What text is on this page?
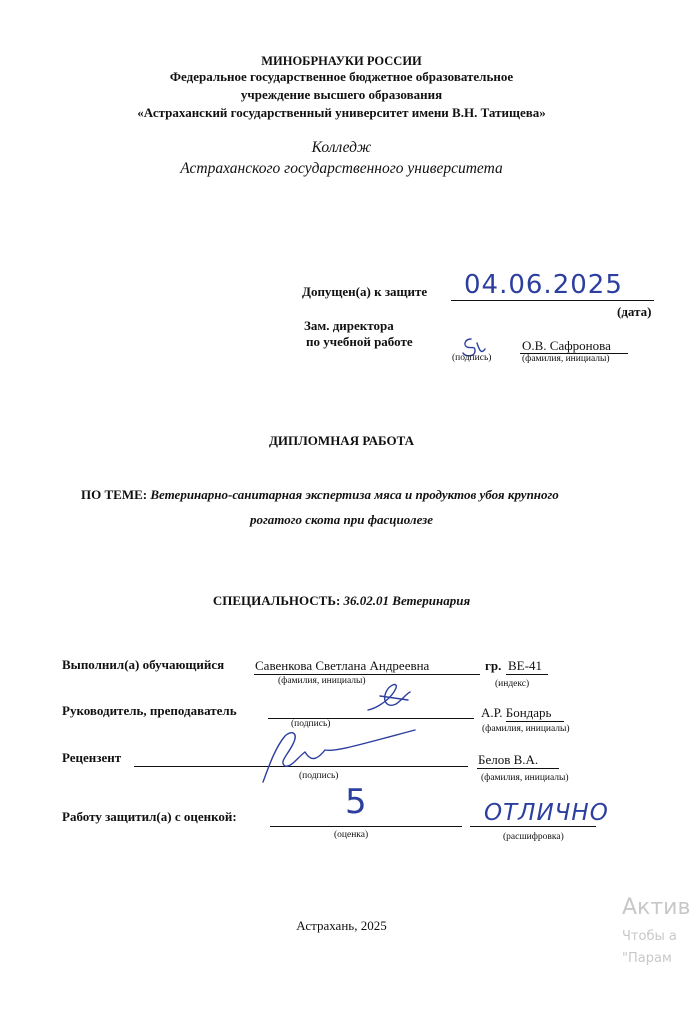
МИНОБРНАУКИ РОССИИ
Федеральное государственное бюджетное образовательное
учреждение высшего образования
«Астраханский государственный университет имени В.Н. Татищева»
Колледж
Астраханского государственного университета
Допущен(а) к защите 04.06.2025
(дата)
Зам. директора
по учебной работе
(подпись)
О.В. Сафронова
(фамилия, инициалы)
ДИПЛОМНАЯ РАБОТА
ПО ТЕМЕ: Ветеринарно-санитарная экспертиза мяса и продуктов убоя крупного
рогатого скота при фасциолезе
СПЕЦИАЛЬНОСТЬ: 36.02.01 Ветеринария
Выполнил(а) обучающийся Савенкова Светлана Андреевна
(фамилия, инициалы)
гр. ВЕ-41
(индекс)
Руководитель, преподаватель
(подпись)
А.Р. Бондарь
(фамилия, инициалы)
Рецензент
(подпись)
Белов В.А.
(фамилия, инициалы)
Работу защитил(а) с оценкой:	5
(оценка)
ОТЛИЧНО
(расшифровка)
Астрахань, 2025
Актив
Чтобы а
"Парам
